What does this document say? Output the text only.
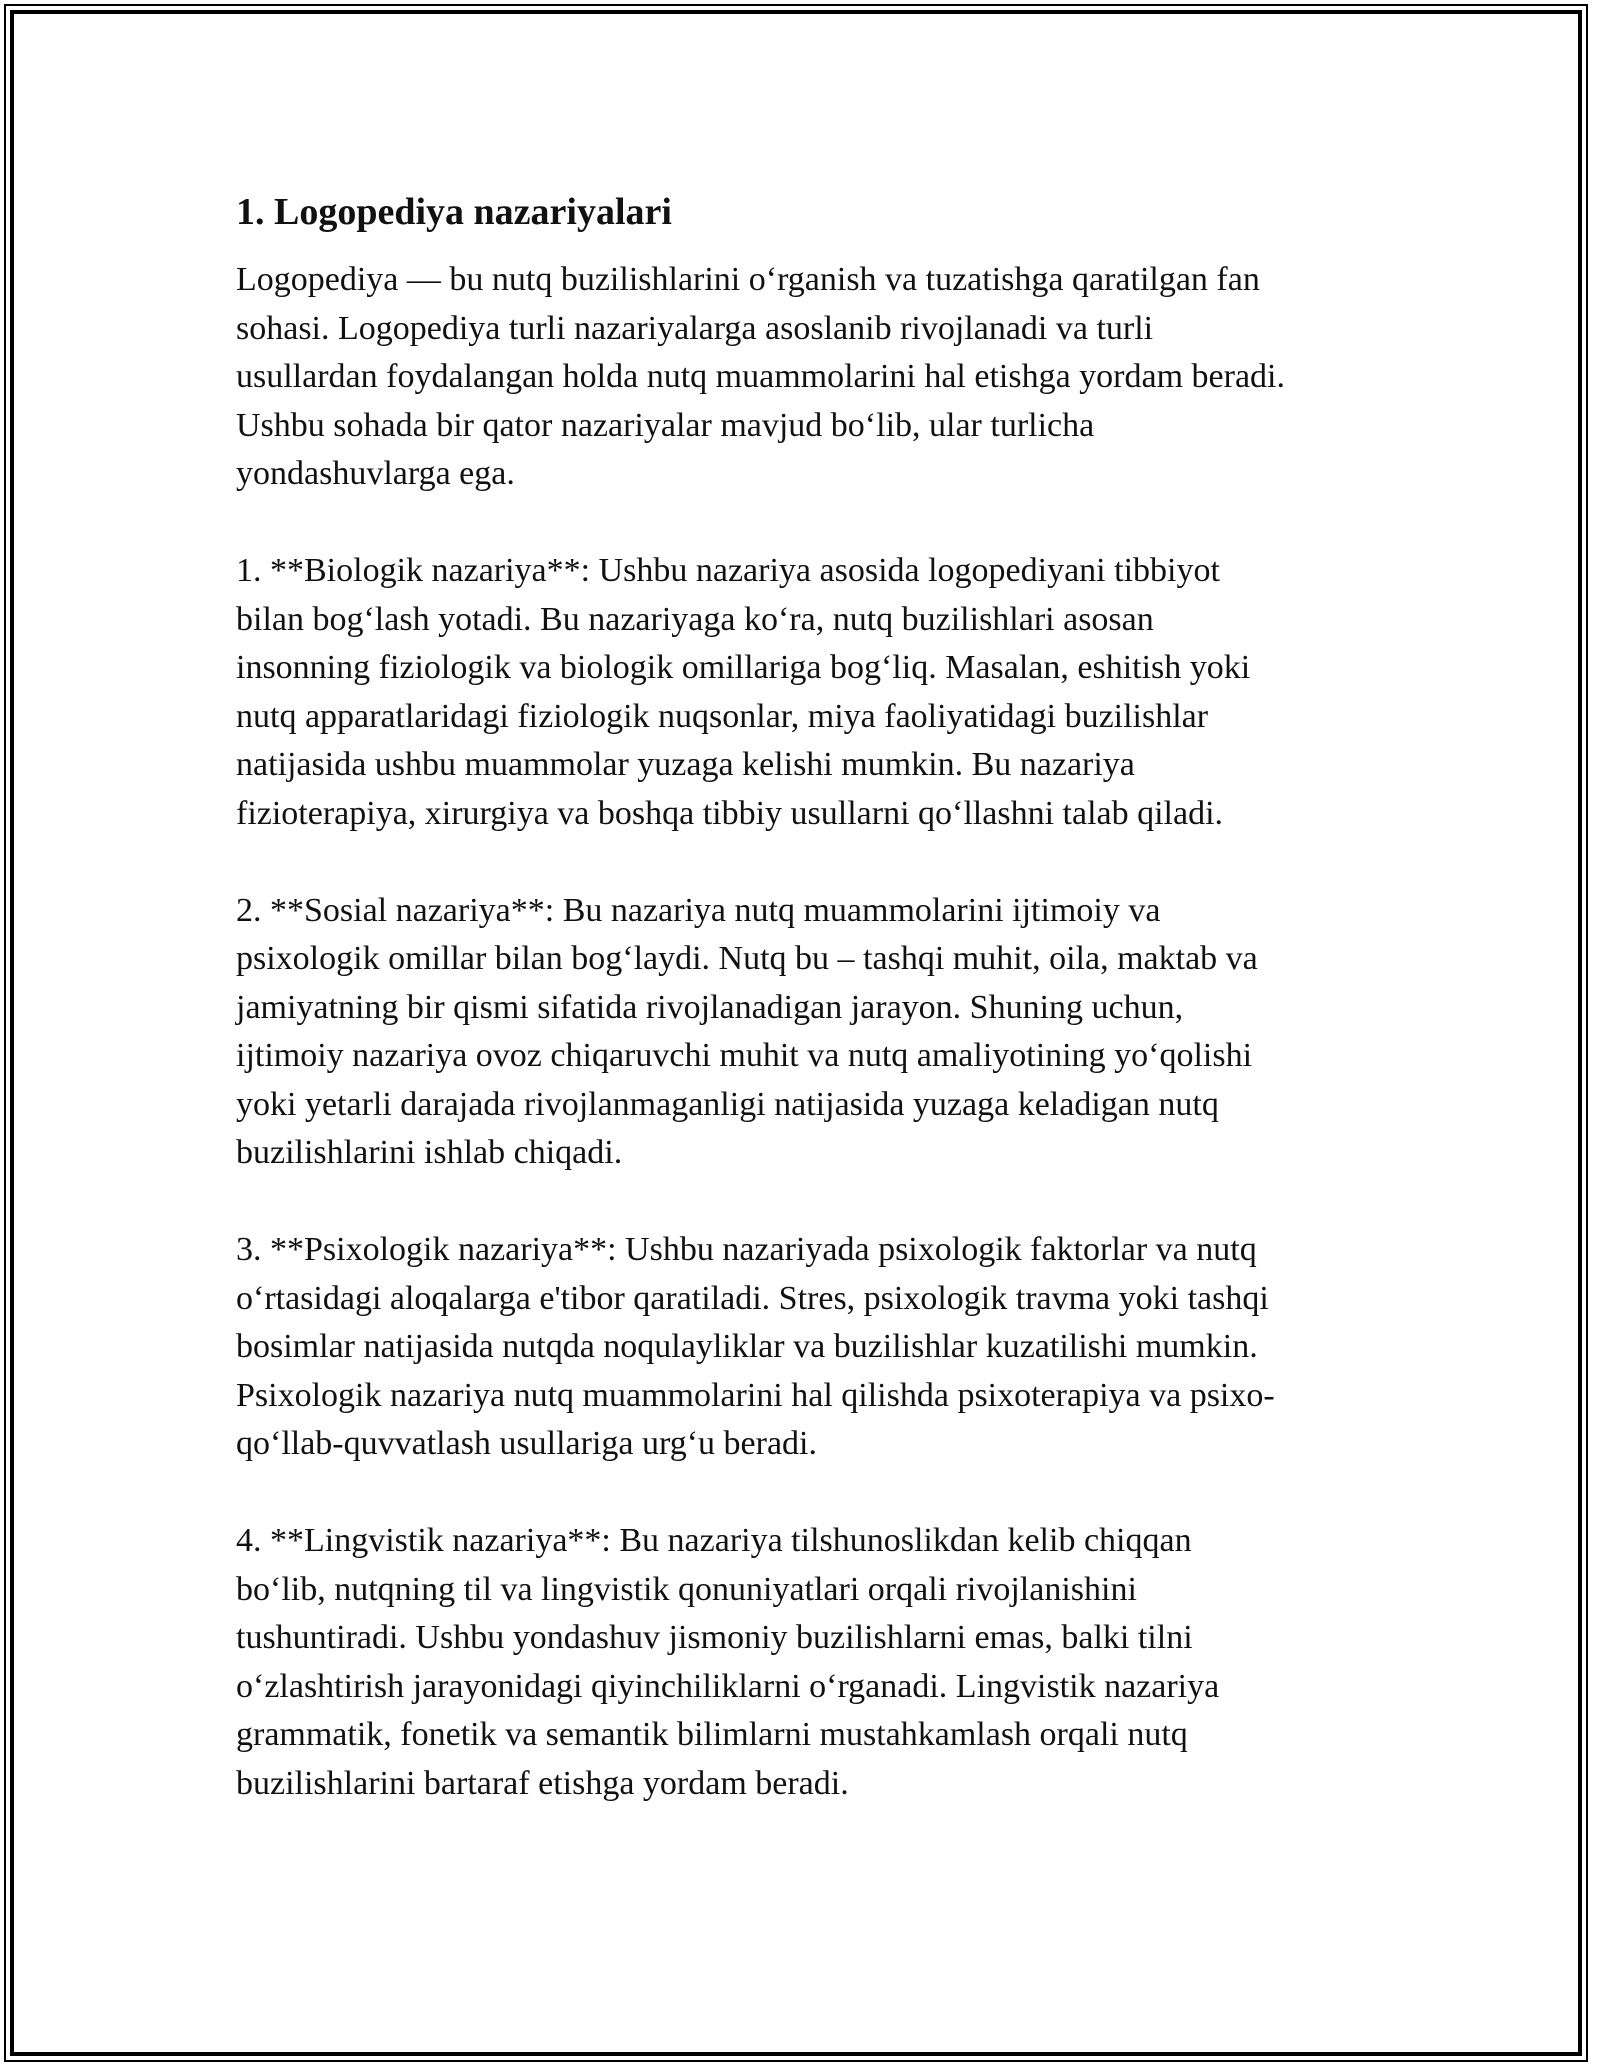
1. Logopediya nazariyalari
Logopediya — bu nutq buzilishlarini o‘rganish va tuzatishga qaratilgan fan
sohasi. Logopediya turli nazariyalarga asoslanib rivojlanadi va turli
usullardan foydalangan holda nutq muammolarini hal etishga yordam beradi.
Ushbu sohada bir qator nazariyalar mavjud bo‘lib, ular turlicha
yondashuvlarga ega.
1. **Biologik nazariya**: Ushbu nazariya asosida logopediyani tibbiyot
bilan bog‘lash yotadi. Bu nazariyaga ko‘ra, nutq buzilishlari asosan
insonning fiziologik va biologik omillariga bog‘liq. Masalan, eshitish yoki
nutq apparatlaridagi fiziologik nuqsonlar, miya faoliyatidagi buzilishlar
natijasida ushbu muammolar yuzaga kelishi mumkin. Bu nazariya
fizioterapiya, xirurgiya va boshqa tibbiy usullarni qo‘llashni talab qiladi.
2. **Sosial nazariya**: Bu nazariya nutq muammolarini ijtimoiy va
psixologik omillar bilan bog‘laydi. Nutq bu – tashqi muhit, oila, maktab va
jamiyatning bir qismi sifatida rivojlanadigan jarayon. Shuning uchun,
ijtimoiy nazariya ovoz chiqaruvchi muhit va nutq amaliyotining yo‘qolishi
yoki yetarli darajada rivojlanmaganligi natijasida yuzaga keladigan nutq
buzilishlarini ishlab chiqadi.
3. **Psixologik nazariya**: Ushbu nazariyada psixologik faktorlar va nutq
o‘rtasidagi aloqalarga e'tibor qaratiladi. Stres, psixologik travma yoki tashqi
bosimlar natijasida nutqda noqulayliklar va buzilishlar kuzatilishi mumkin.
Psixologik nazariya nutq muammolarini hal qilishda psixoterapiya va psixo-
qo‘llab-quvvatlash usullariga urg‘u beradi.
4. **Lingvistik nazariya**: Bu nazariya tilshunoslikdan kelib chiqqan
bo‘lib, nutqning til va lingvistik qonuniyatlari orqali rivojlanishini
tushuntiradi. Ushbu yondashuv jismoniy buzilishlarni emas, balki tilni
o‘zlashtirish jarayonidagi qiyinchiliklarni o‘rganadi. Lingvistik nazariya
grammatik, fonetik va semantik bilimlarni mustahkamlash orqali nutq
buzilishlarini bartaraf etishga yordam beradi.
